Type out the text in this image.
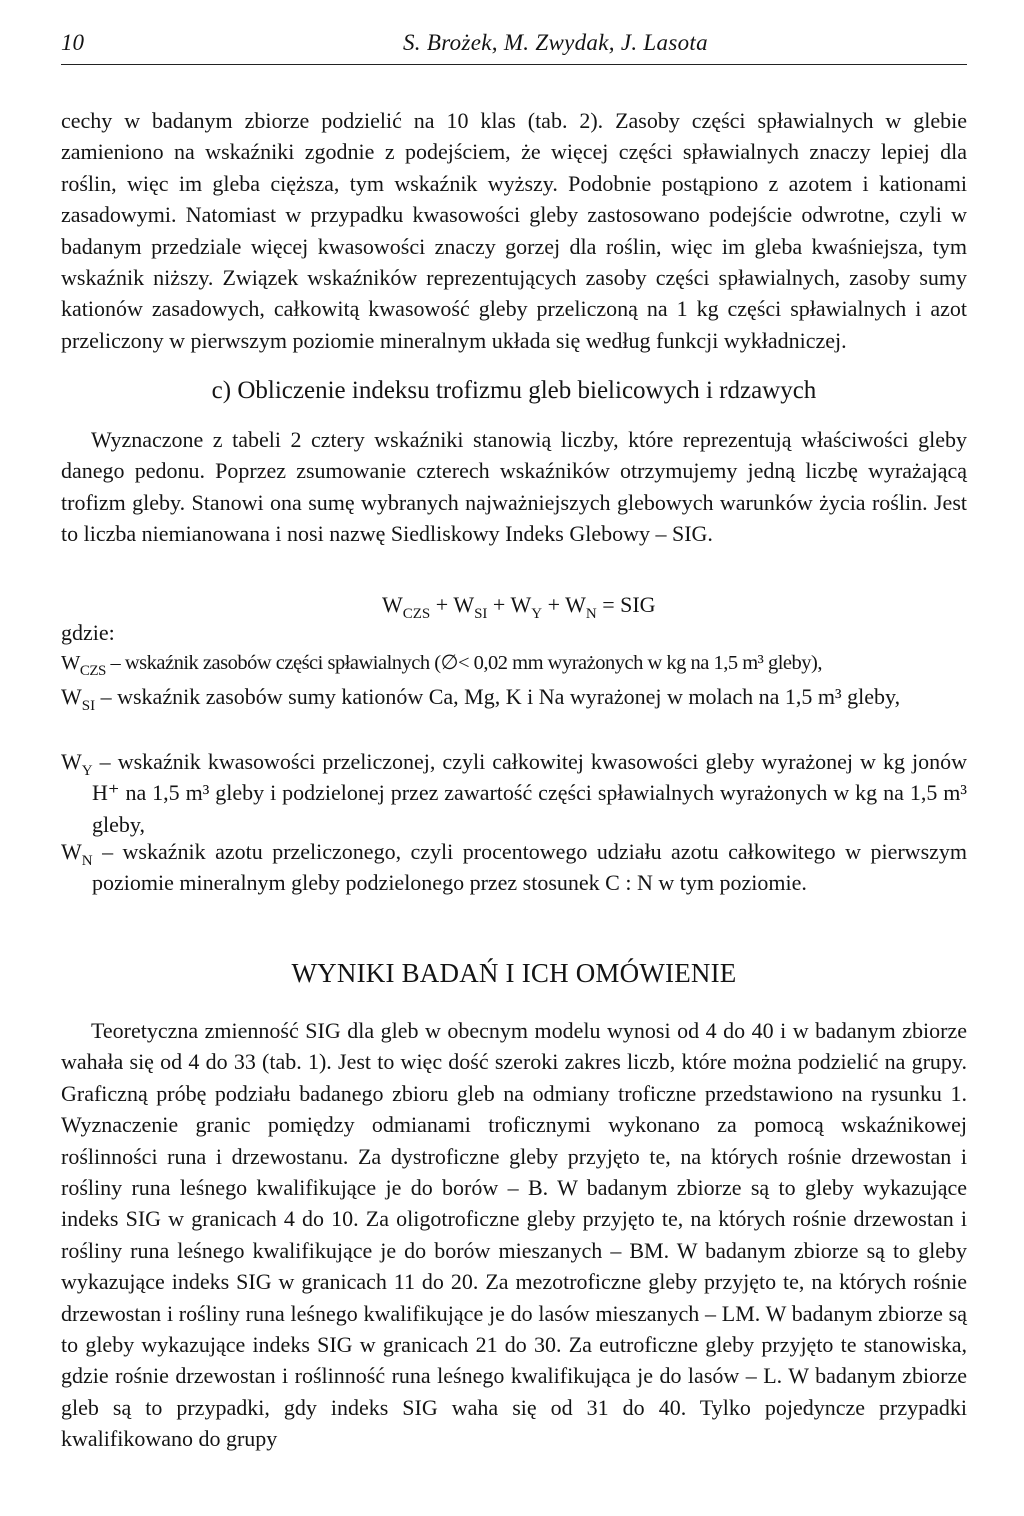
10	S. Brożek, M. Zwydak, J. Lasota

cechy w badanym zbiorze podzielić na 10 klas (tab. 2). Zasoby części spławialnych w glebie zamieniono na wskaźniki zgodnie z podejściem, że więcej części spławialnych znaczy lepiej dla roślin, więc im gleba cięższa, tym wskaźnik wyższy. Podobnie postąpiono z azotem i kationami zasadowymi. Natomiast w przypadku kwasowości gleby zastosowano podejście odwrotne, czyli w badanym przedziale więcej kwasowości znaczy gorzej dla roślin, więc im gleba kwaśniejsza, tym wskaźnik niższy. Związek wskaźników reprezentujących zasoby części spławialnych, zasoby sumy kationów zasadowych, całkowitą kwasowość gleby przeliczoną na 1 kg części spławialnych i azot przeliczony w pierwszym poziomie mineralnym układa się według funkcji wykładniczej.

c) Obliczenie indeksu trofizmu gleb bielicowych i rdzawych

Wyznaczone z tabeli 2 cztery wskaźniki stanowią liczby, które reprezentują właściwości gleby danego pedonu. Poprzez zsumowanie czterech wskaźników otrzymujemy jedną liczbę wyrażającą trofizm gleby. Stanowi ona sumę wybranych najważniejszych glebowych warunków życia roślin. Jest to liczba niemianowana i nosi nazwę Siedliskowy Indeks Glebowy – SIG.

$W_{CZS} + W_{SI} + W_Y + W_N$ = SIG
gdzie:
$W_{CZS}$ – wskaźnik zasobów części spławialnych (∅< 0,02 mm wyrażonych w kg na 1,5 m³ gleby),
$W_{SI}$ – wskaźnik zasobów sumy kationów Ca, Mg, K i Na wyrażonej w molach na 1,5 m³ gleby,
$W_Y$ – wskaźnik kwasowości przeliczonej, czyli całkowitej kwasowości gleby wyrażonej w kg jonów H⁺ na 1,5 m³ gleby i podzielonej przez zawartość części spławialnych wyrażonych w kg na 1,5 m³ gleby,
$W_N$ – wskaźnik azotu przeliczonego, czyli procentowego udziału azotu całkowitego w pierwszym poziomie mineralnym gleby podzielonego przez stosunek C : N w tym poziomie.
WYNIKI BADAŃ I ICH OMÓWIENIE

Teoretyczna zmienność SIG dla gleb w obecnym modelu wynosi od 4 do 40 i w badanym zbiorze wahała się od 4 do 33 (tab. 1). Jest to więc dość szeroki zakres liczb, które można podzielić na grupy. Graficzną próbę podziału badanego zbioru gleb na odmiany troficzne przedstawiono na rysunku 1. Wyznaczenie granic pomiędzy odmianami troficznymi wykonano za pomocą wskaźnikowej roślinności runa i drzewostanu. Za dystroficzne gleby przyjęto te, na których rośnie drzewostan i rośliny runa leśnego kwalifikujące je do borów – B. W badanym zbiorze są to gleby wykazujące indeks SIG w granicach 4 do 10. Za oligotroficzne gleby przyjęto te, na których rośnie drzewostan i rośliny runa leśnego kwalifikujące je do borów mieszanych – BM. W badanym zbiorze są to gleby wykazujące indeks SIG w granicach 11 do 20. Za mezotroficzne gleby przyjęto te, na których rośnie drzewostan i rośliny runa leśnego kwalifikujące je do lasów mieszanych – LM. W badanym zbiorze są to gleby wykazujące indeks SIG w granicach 21 do 30. Za eutroficzne gleby przyjęto te stanowiska, gdzie rośnie drzewostan i roślinność runa leśnego kwalifikująca je do lasów – L. W badanym zbiorze gleb są to przypadki, gdy indeks SIG waha się od 31 do 40. Tylko pojedyncze przypadki kwalifikowano do grupy
